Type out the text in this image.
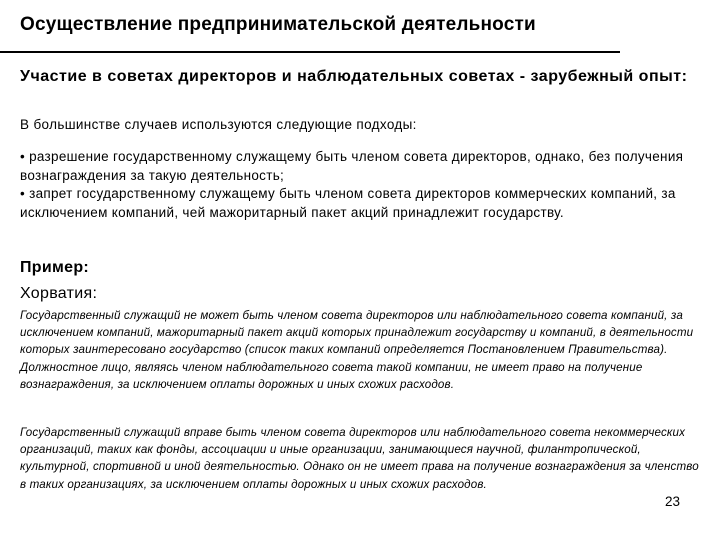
Осуществление предпринимательской деятельности
Участие в советах директоров и наблюдательных советах - зарубежный опыт:
В большинстве случаев используются следующие подходы:

• разрешение государственному служащему быть членом совета директоров, однако, без получения вознаграждения за такую деятельность;

• запрет государственному служащему быть членом совета директоров коммерческих компаний, за исключением компаний, чей мажоритарный пакет акций принадлежит государству.

Пример:
Хорватия:
Государственный служащий не может быть членом совета директоров или наблюдательного совета компаний, за исключением компаний, мажоритарный пакет акций которых принадлежит государству и компаний, в деятельности которых заинтересовано государство (список таких компаний определяется Постановлением Правительства). Должностное лицо, являясь членом наблюдательного совета такой компании, не имеет право на получение вознаграждения, за исключением оплаты дорожных и иных схожих расходов.
Государственный служащий вправе быть членом совета директоров или наблюдательного совета некоммерческих организаций, таких как фонды, ассоциации и иные организации, занимающиеся научной, филантропической, культурной, спортивной и иной деятельностью. Однако он не имеет права на получение вознаграждения за членство в таких организациях, за исключением оплаты дорожных и иных схожих расходов.
23
